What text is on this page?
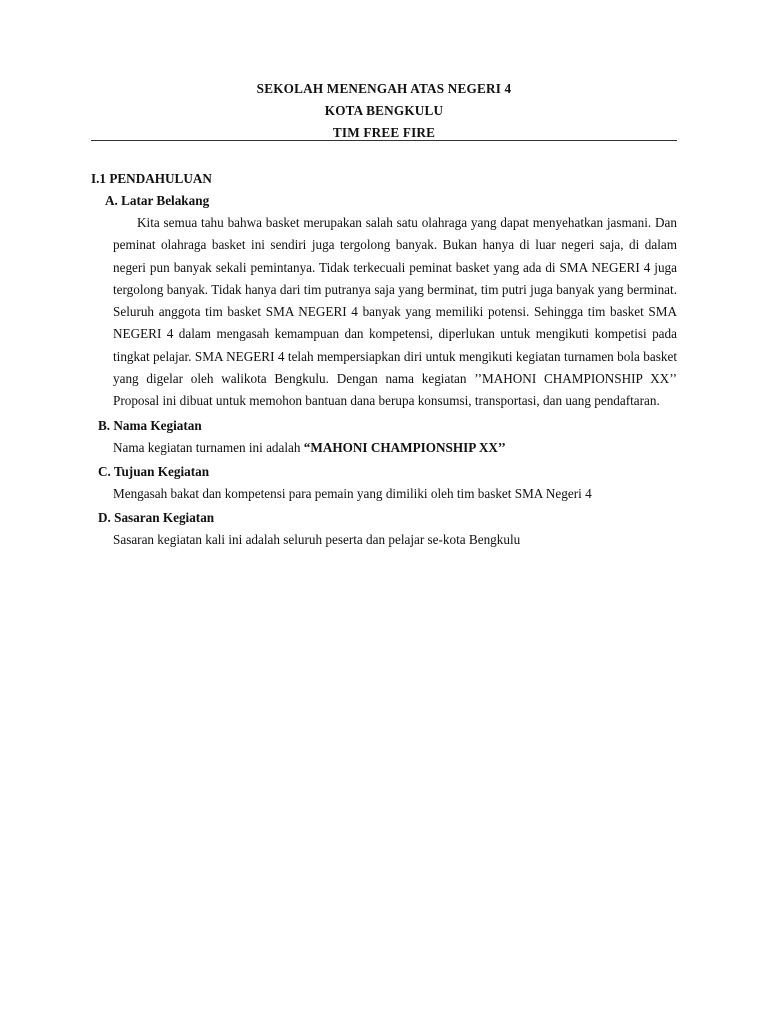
SEKOLAH MENENGAH ATAS NEGERI 4
KOTA BENGKULU
TIM FREE FIRE
I.1 PENDAHULUAN
A. Latar Belakang
Kita semua tahu bahwa basket merupakan salah satu olahraga yang dapat menyehatkan jasmani. Dan peminat olahraga basket ini sendiri juga tergolong banyak. Bukan hanya di luar negeri saja, di dalam negeri pun banyak sekali pemintanya. Tidak terkecuali peminat basket yang ada di SMA NEGERI 4 juga tergolong banyak. Tidak hanya dari tim putranya saja yang berminat, tim putri juga banyak yang berminat. Seluruh anggota tim basket SMA NEGERI 4 banyak yang memiliki potensi. Sehingga tim basket SMA NEGERI 4 dalam mengasah kemampuan dan kompetensi, diperlukan untuk mengikuti kompetisi pada tingkat pelajar. SMA NEGERI 4 telah mempersiapkan diri untuk mengikuti kegiatan turnamen bola basket yang digelar oleh walikota Bengkulu. Dengan nama kegiatan ’’MAHONI CHAMPIONSHIP XX’’ Proposal ini dibuat untuk memohon bantuan dana berupa konsumsi, transportasi, dan uang pendaftaran.
B. Nama Kegiatan
Nama kegiatan turnamen ini adalah “MAHONI CHAMPIONSHIP XX’’
C. Tujuan Kegiatan
Mengasah bakat dan kompetensi para pemain yang dimiliki oleh tim basket SMA Negeri 4
D. Sasaran Kegiatan
Sasaran kegiatan kali ini adalah seluruh peserta dan pelajar se-kota Bengkulu
